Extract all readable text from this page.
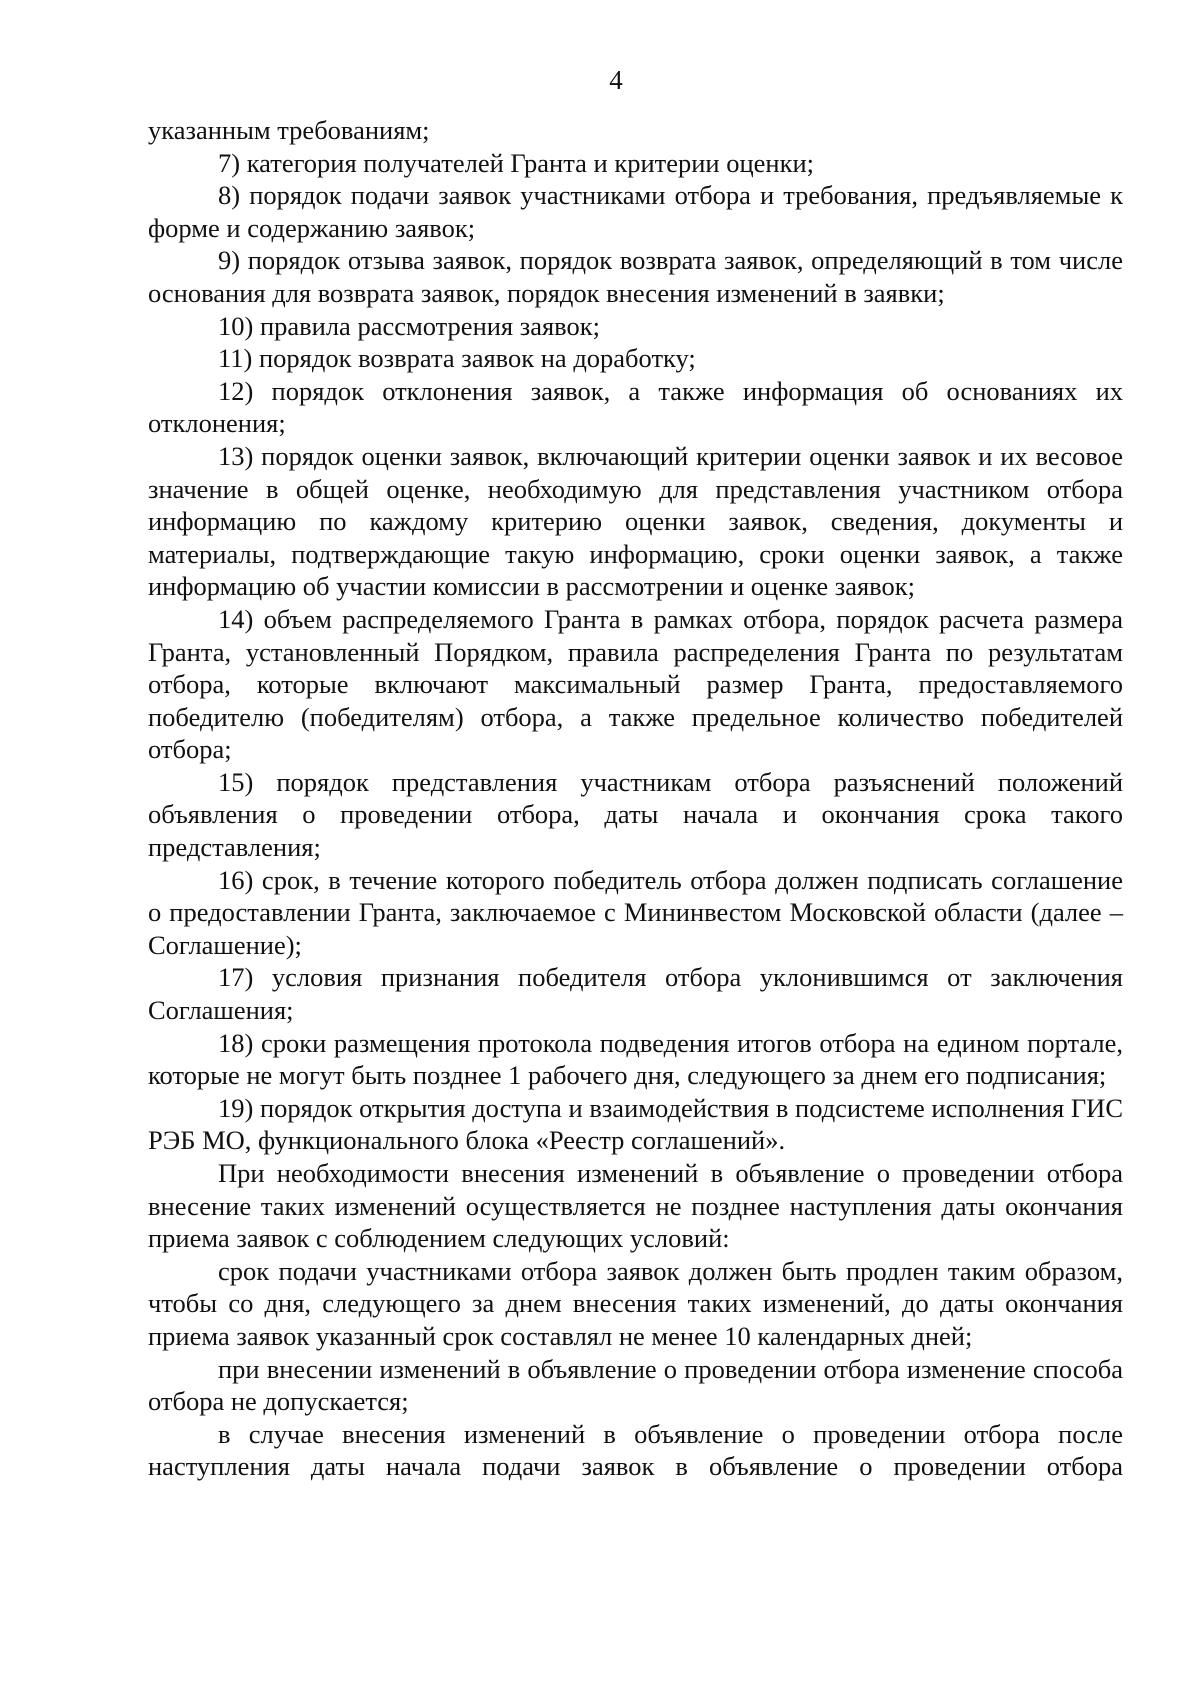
4

указанным требованиям;

7) категория получателей Гранта и критерии оценки;

8) порядок подачи заявок участниками отбора и требования, предъявляемые к форме и содержанию заявок;

9) порядок отзыва заявок, порядок возврата заявок, определяющий в том числе основания для возврата заявок, порядок внесения изменений в заявки;

10) правила рассмотрения заявок;

11) порядок возврата заявок на доработку;

12) порядок отклонения заявок, а также информация об основаниях их отклонения;

13) порядок оценки заявок, включающий критерии оценки заявок и их весовое значение в общей оценке, необходимую для представления участником отбора информацию по каждому критерию оценки заявок, сведения, документы и материалы, подтверждающие такую информацию, сроки оценки заявок, а также информацию об участии комиссии в рассмотрении и оценке заявок;

14) объем распределяемого Гранта в рамках отбора, порядок расчета размера Гранта, установленный Порядком, правила распределения Гранта по результатам отбора, которые включают максимальный размер Гранта, предоставляемого победителю (победителям) отбора, а также предельное количество победителей отбора;

15) порядок представления участникам отбора разъяснений положений объявления о проведении отбора, даты начала и окончания срока такого представления;

16) срок, в течение которого победитель отбора должен подписать соглашение о предоставлении Гранта, заключаемое с Мининвестом Московской области (далее – Соглашение);

17) условия признания победителя отбора уклонившимся от заключения Соглашения;

18) сроки размещения протокола подведения итогов отбора на едином портале, которые не могут быть позднее 1 рабочего дня, следующего за днем его подписания;

19) порядок открытия доступа и взаимодействия в подсистеме исполнения ГИС РЭБ МО, функционального блока «Реестр соглашений».

При необходимости внесения изменений в объявление о проведении отбора внесение таких изменений осуществляется не позднее наступления даты окончания приема заявок с соблюдением следующих условий:

срок подачи участниками отбора заявок должен быть продлен таким образом, чтобы со дня, следующего за днем внесения таких изменений, до даты окончания приема заявок указанный срок составлял не менее 10 календарных дней;

при внесении изменений в объявление о проведении отбора изменение способа отбора не допускается;

в случае внесения изменений в объявление о проведении отбора после наступления даты начала подачи заявок в объявление о проведении отбора
